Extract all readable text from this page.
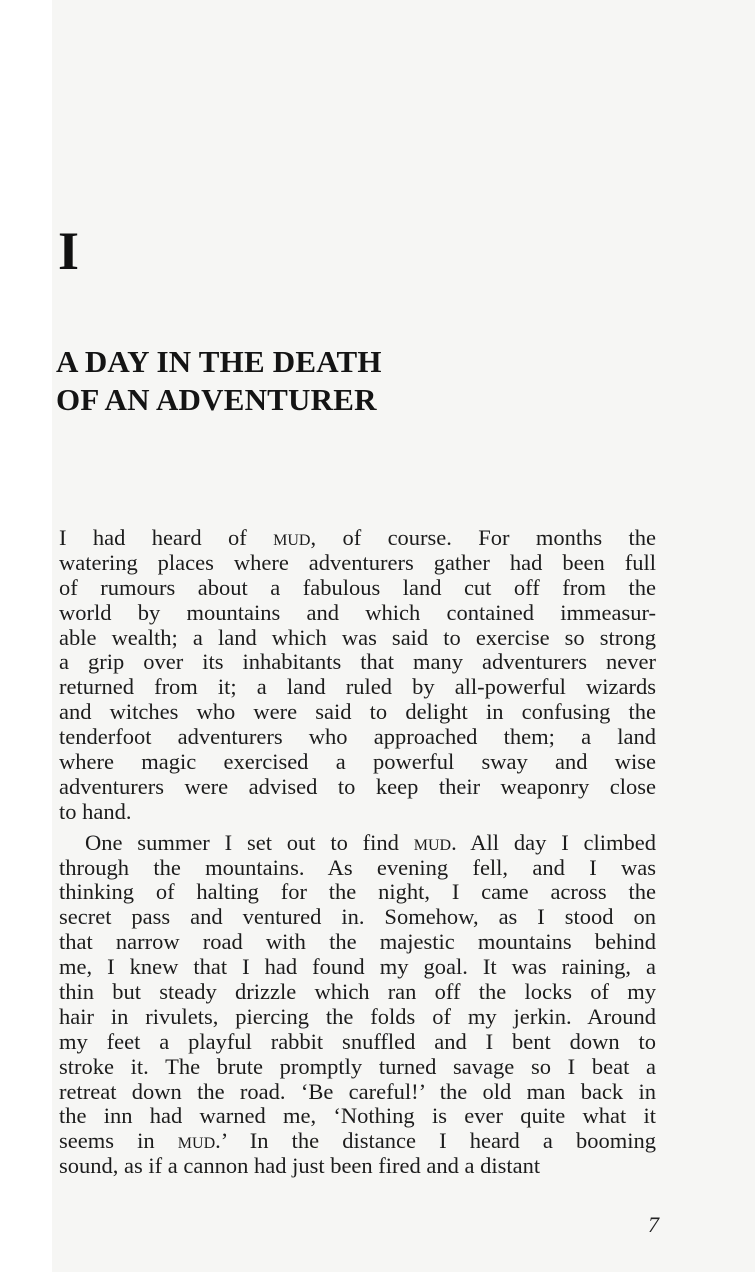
I
A DAY IN THE DEATH
OF AN ADVENTURER

I had heard of mud, of course. For months the
watering places where adventurers gather had been full
of rumours about a fabulous land cut off from the
world by mountains and which contained immeasur-
able wealth; a land which was said to exercise so strong
a grip over its inhabitants that many adventurers never
returned from it; a land ruled by all-powerful wizards
and witches who were said to delight in confusing the
tenderfoot adventurers who approached them; a land
where magic exercised a powerful sway and wise
adventurers were advised to keep their weaponry close
to hand.

One summer I set out to find mud. All day I climbed
through the mountains. As evening fell, and I was
thinking of halting for the night, I came across the
secret pass and ventured in. Somehow, as I stood on
that narrow road with the majestic mountains behind
me, I knew that I had found my goal. It was raining, a
thin but steady drizzle which ran off the locks of my
hair in rivulets, piercing the folds of my jerkin. Around
my feet a playful rabbit snuffled and I bent down to
stroke it. The brute promptly turned savage so I beat a
retreat down the road. ‘Be careful!’ the old man back in
the inn had warned me, ‘Nothing is ever quite what it
seems in mud.’ In the distance I heard a booming
sound, as if a cannon had just been fired and a distant

7
